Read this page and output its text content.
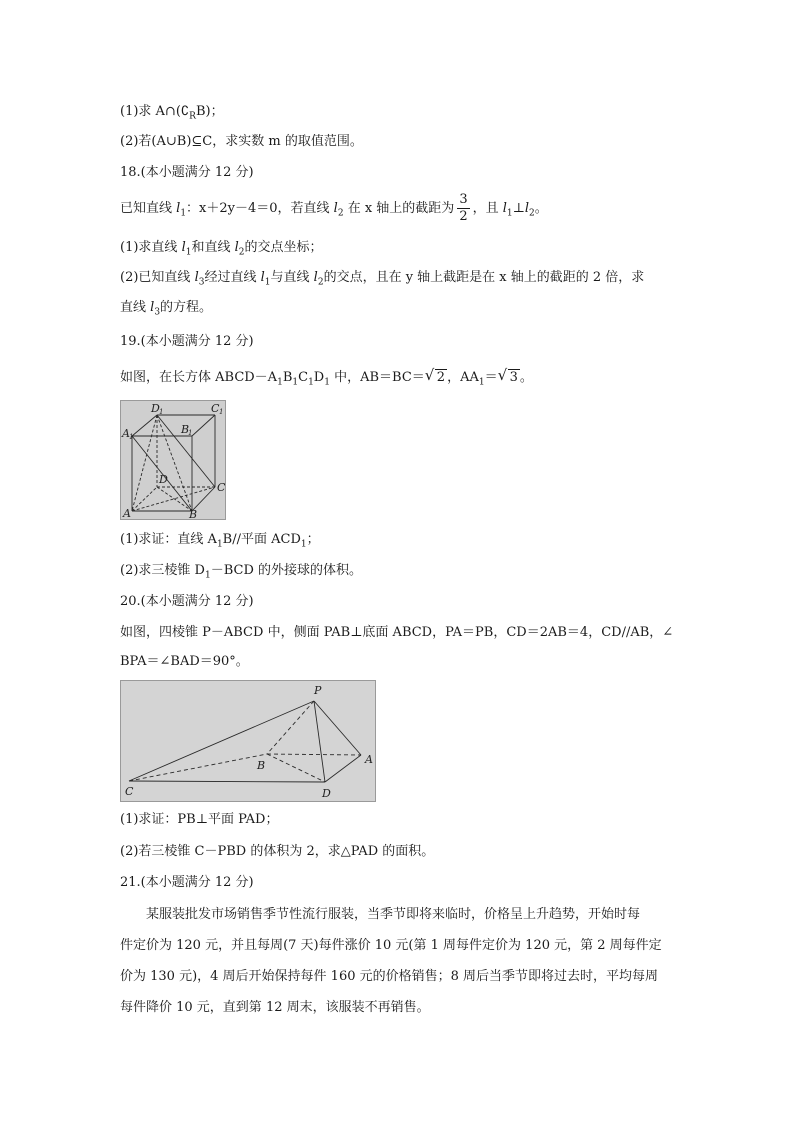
(1)求 $A\cap(∁_RB)$；
(2)若(A∪B)⊆C，求实数 m 的取值范围。
18.(本小题满分 12 分)
已知直线 $l_1$：x＋2y－4＝0，若直线 $l_2$ 在 x 轴上的截距为 $\frac{3}{2}$ ，且 $l_1\perp l_2$。
(1)求直线 $l_1$和直线 $l_2$的交点坐标；
(2)已知直线 $l_3$经过直线 $l_1$与直线 $l_2$的交点，且在 y 轴上截距是在 x 轴上的截距的 2 倍，求
直线 $l_3$的方程。
19.(本小题满分 12 分)
如图，在长方体 $ABCD-A_1B_1C_1D_1$ 中，AB＝BC＝ √ 2 ，$AA_1=$ √ 3 。
D 1	C 1
A 1
B
1
D
C
A	B
(1)求证：直线 $A_1B//$平面 $ACD_1$；
(2)求三棱锥 $D_1-BCD$ 的外接球的体积。
20.(本小题满分 12 分)
如图，四棱锥 P－ABCD 中，侧面 PAB⊥底面 ABCD，PA＝PB，CD＝2AB＝4，CD//AB，∠
BPA＝∠BAD＝90°。
P
B	A
C	D
(1)求证：PB⊥平面 PAD；
(2)若三棱锥 C－PBD 的体积为 2，求△PAD 的面积。
21.(本小题满分 12 分)
某服装批发市场销售季节性流行服装，当季节即将来临时，价格呈上升趋势，开始时每
件定价为 120 元，并且每周(7 天)每件涨价 10 元(第 1 周每件定价为 120 元，第 2 周每件定
价为 130 元)，4 周后开始保持每件 160 元的价格销售；8 周后当季节即将过去时，平均每周
每件降价 10 元，直到第 12 周末，该服装不再销售。
